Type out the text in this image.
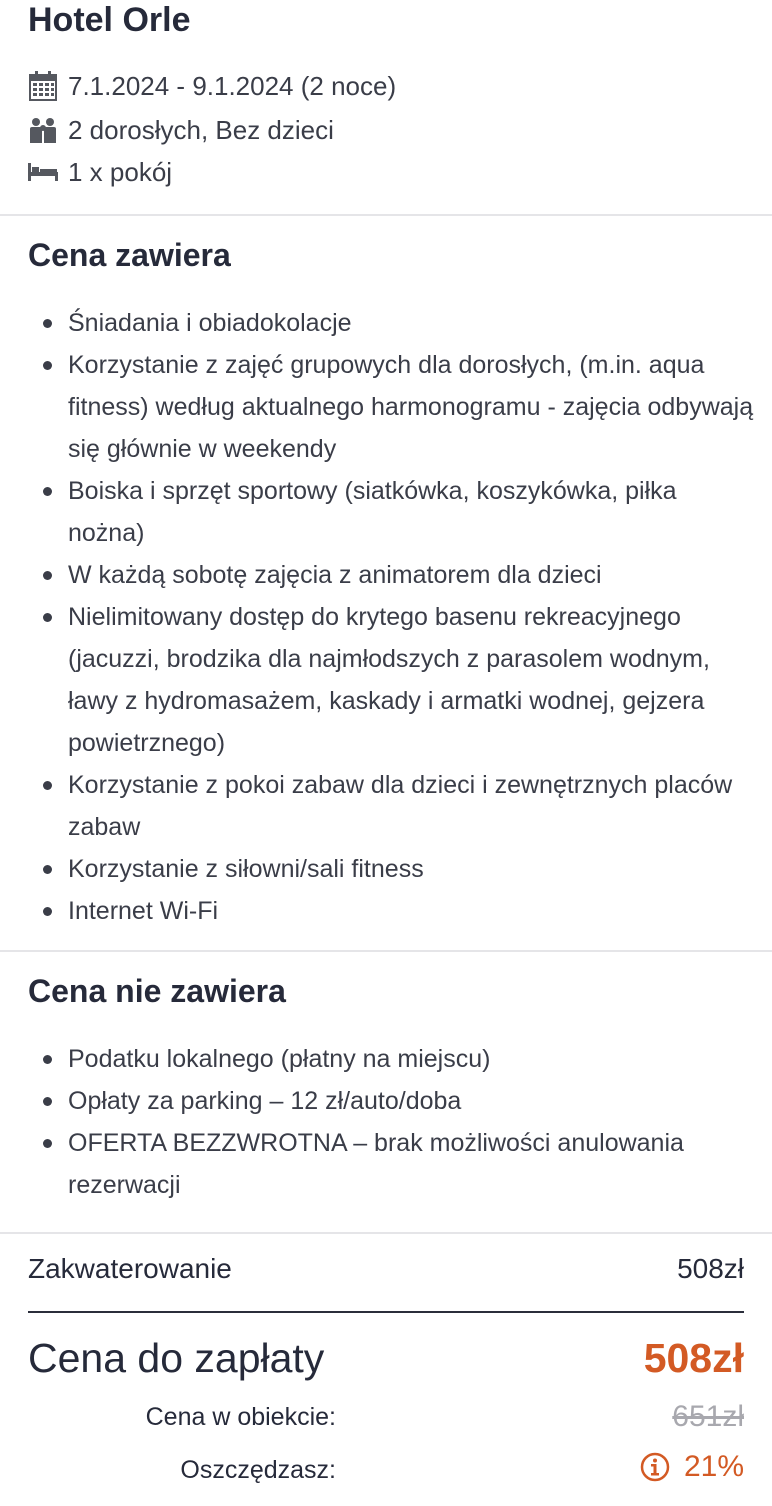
Hotel Orle
7.1.2024 - 9.1.2024 (2 noce)
2 dorosłych, Bez dzieci
1 x pokój
Cena zawiera
Śniadania i obiadokolacje
Korzystanie z zajęć grupowych dla dorosłych, (m.in. aqua fitness) według aktualnego harmonogramu - zajęcia odbywają się głównie w weekendy
Boiska i sprzęt sportowy (siatkówka, koszykówka, piłka nożna)
W każdą sobotę zajęcia z animatorem dla dzieci
Nielimitowany dostęp do krytego basenu rekreacyjnego (jacuzzi, brodzika dla najmłodszych z parasolem wodnym, ławy z hydromasażem, kaskady i armatki wodnej, gejzera powietrznego)
Korzystanie z pokoi zabaw dla dzieci i zewnętrznych placów zabaw
Korzystanie z siłowni/sali fitness
Internet Wi-Fi
Cena nie zawiera
Podatku lokalnego (płatny na miejscu)
Opłaty za parking – 12 zł/auto/doba
OFERTA BEZZWROTNA – brak możliwości anulowania rezerwacji
Zakwaterowanie	508zł
Cena do zapłaty	508zł
Cena w obiekcie:	651zł
Oszczędzasz:	21%
